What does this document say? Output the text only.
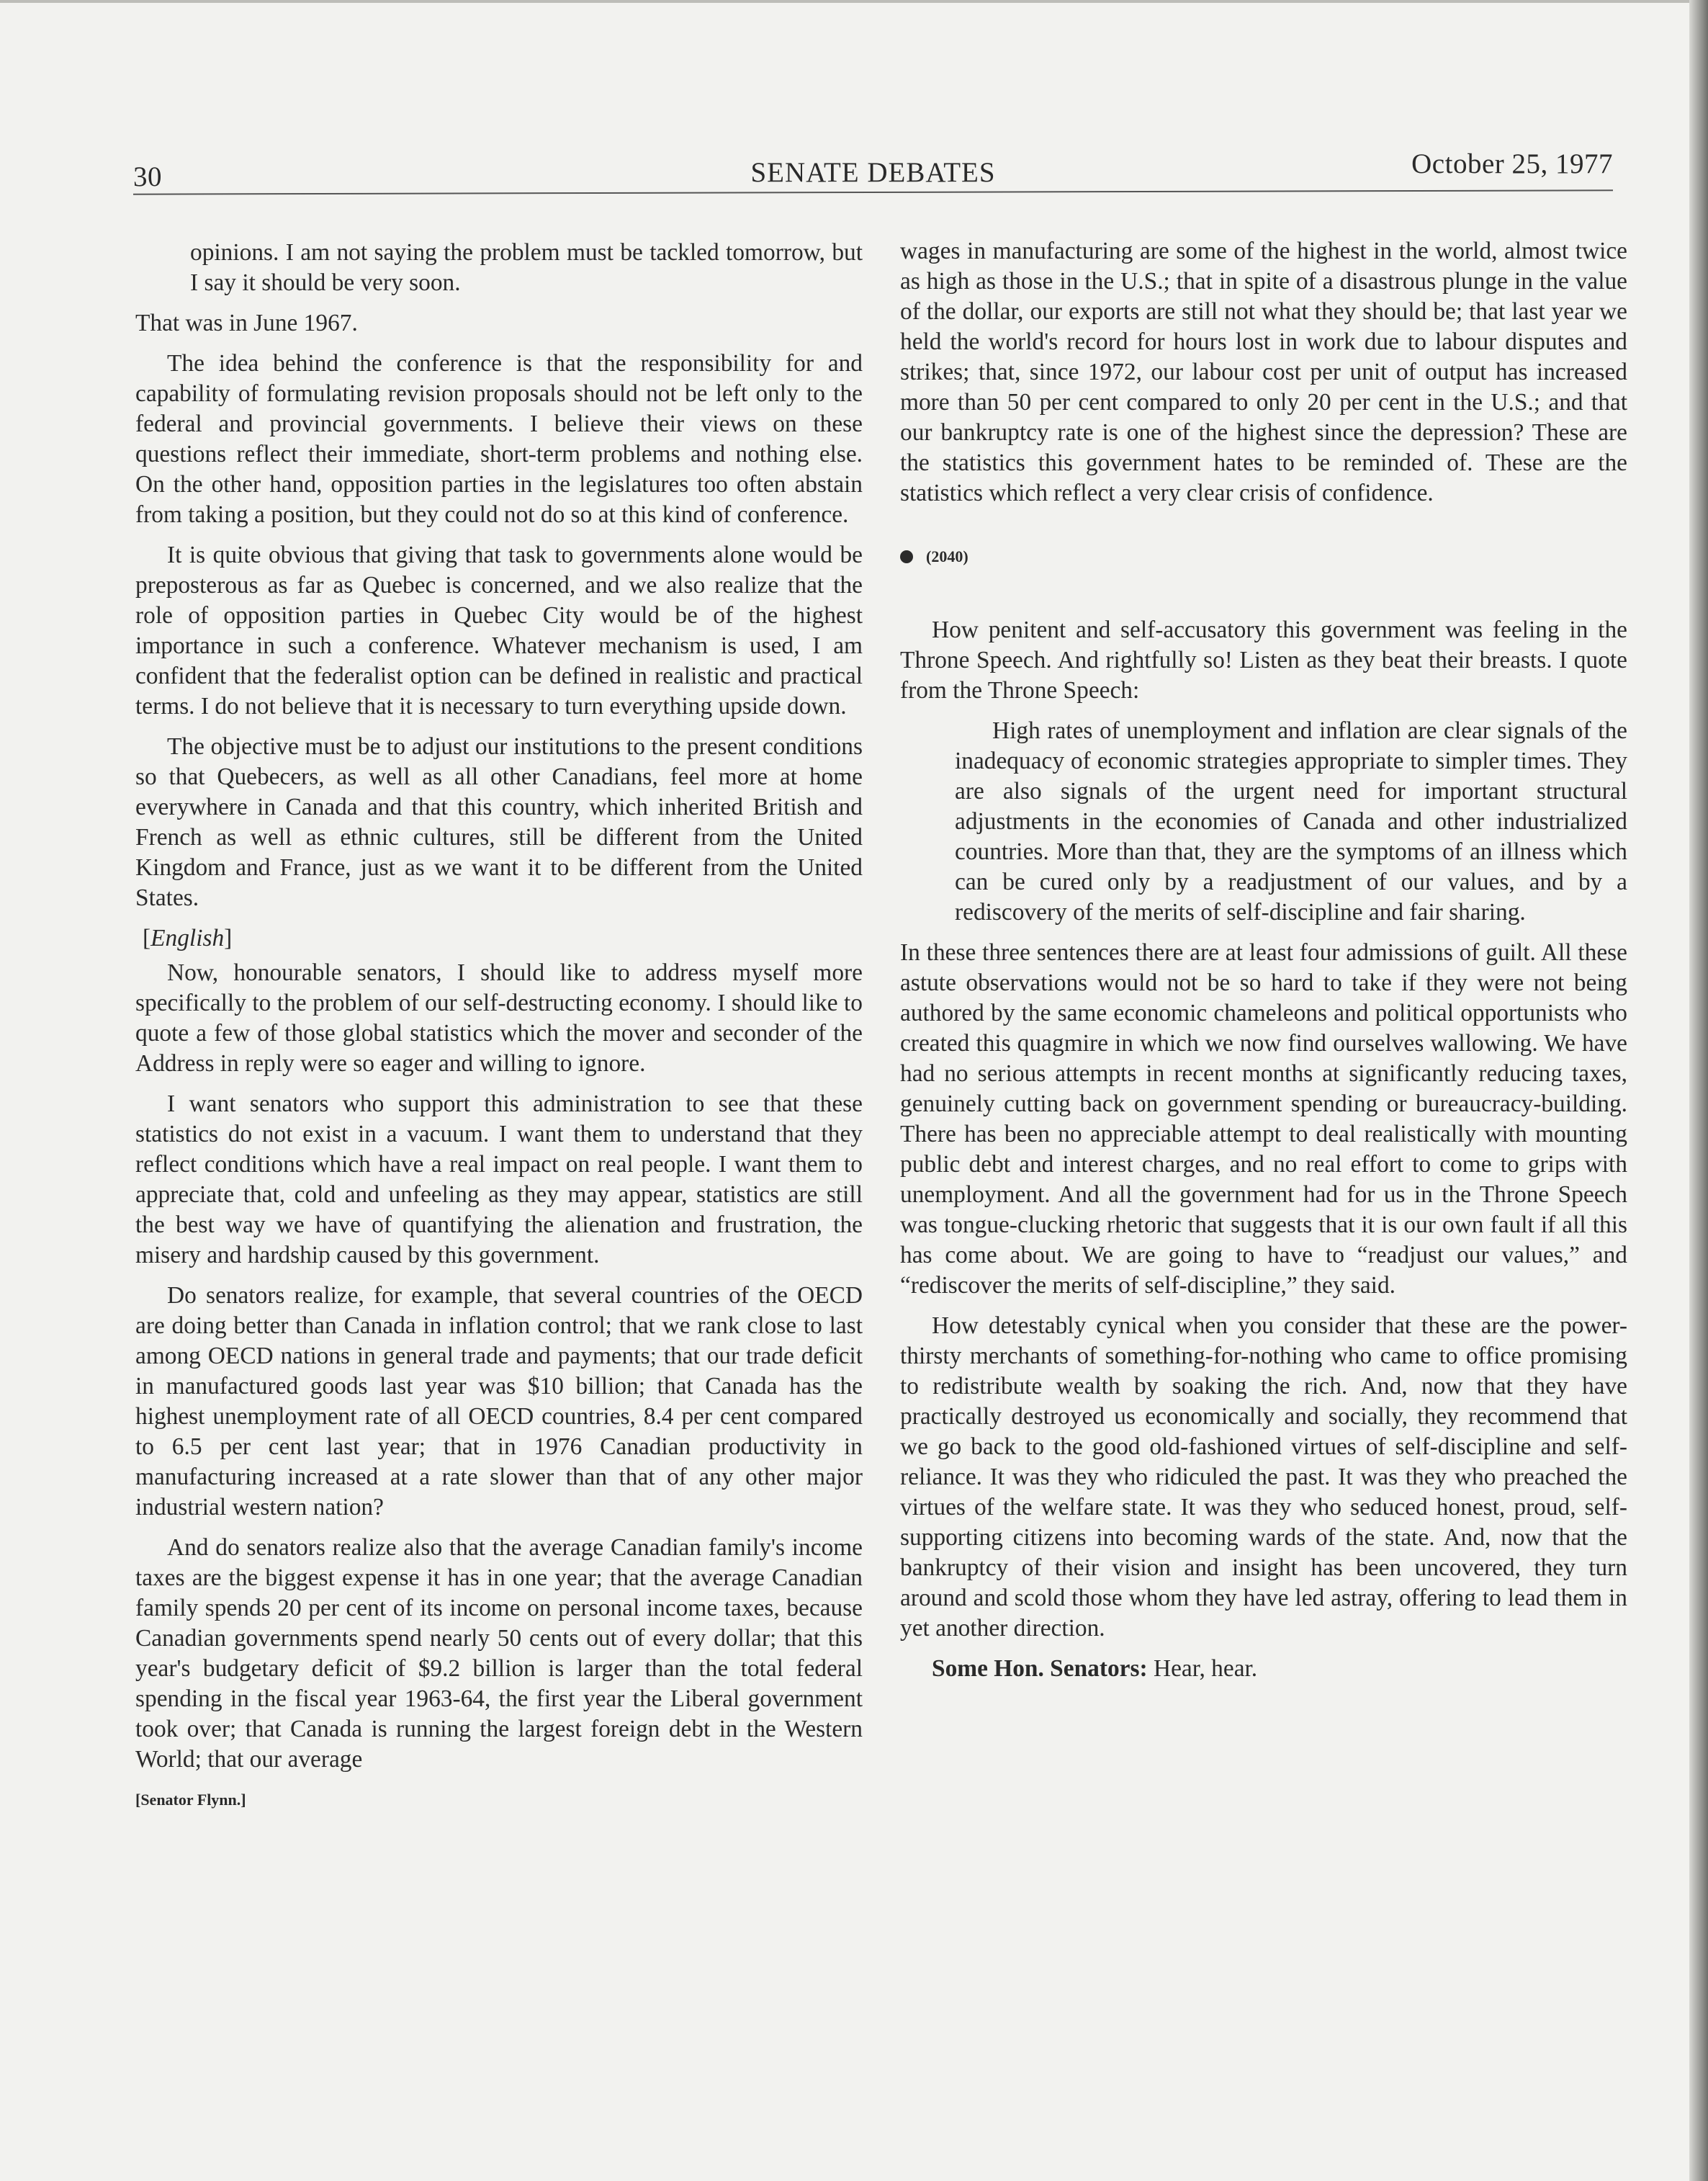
30	SENATE DEBATES	October 25, 1977

opinions. I am not saying the problem must be tackled tomorrow, but I say it should be very soon.

That was in June 1967.

The idea behind the conference is that the responsibility for and capability of formulating revision proposals should not be left only to the federal and provincial governments. I believe their views on these questions reflect their immediate, short-term problems and nothing else. On the other hand, opposition parties in the legislatures too often abstain from taking a position, but they could not do so at this kind of conference.

It is quite obvious that giving that task to governments alone would be preposterous as far as Quebec is concerned, and we also realize that the role of opposition parties in Quebec City would be of the highest importance in such a conference. Whatever mechanism is used, I am confident that the federalist option can be defined in realistic and practical terms. I do not believe that it is necessary to turn everything upside down.

The objective must be to adjust our institutions to the present conditions so that Quebecers, as well as all other Canadians, feel more at home everywhere in Canada and that this country, which inherited British and French as well as ethnic cultures, still be different from the United Kingdom and France, just as we want it to be different from the United States.

[English]

Now, honourable senators, I should like to address myself more specifically to the problem of our self-destructing economy. I should like to quote a few of those global statistics which the mover and seconder of the Address in reply were so eager and willing to ignore.

I want senators who support this administration to see that these statistics do not exist in a vacuum. I want them to understand that they reflect conditions which have a real impact on real people. I want them to appreciate that, cold and unfeeling as they may appear, statistics are still the best way we have of quantifying the alienation and frustration, the misery and hardship caused by this government.

Do senators realize, for example, that several countries of the OECD are doing better than Canada in inflation control; that we rank close to last among OECD nations in general trade and payments; that our trade deficit in manufactured goods last year was $10 billion; that Canada has the highest unemployment rate of all OECD countries, 8.4 per cent compared to 6.5 per cent last year; that in 1976 Canadian productivity in manufacturing increased at a rate slower than that of any other major industrial western nation?

And do senators realize also that the average Canadian family's income taxes are the biggest expense it has in one year; that the average Canadian family spends 20 per cent of its income on personal income taxes, because Canadian governments spend nearly 50 cents out of every dollar; that this year's budgetary deficit of $9.2 billion is larger than the total federal spending in the fiscal year 1963-64, the first year the Liberal government took over; that Canada is running the largest foreign debt in the Western World; that our average

[Senator Flynn.]

wages in manufacturing are some of the highest in the world, almost twice as high as those in the U.S.; that in spite of a disastrous plunge in the value of the dollar, our exports are still not what they should be; that last year we held the world's record for hours lost in work due to labour disputes and strikes; that, since 1972, our labour cost per unit of output has increased more than 50 per cent compared to only 20 per cent in the U.S.; and that our bankruptcy rate is one of the highest since the depression? These are the statistics this government hates to be reminded of. These are the statistics which reflect a very clear crisis of confidence.

(2040)

How penitent and self-accusatory this government was feeling in the Throne Speech. And rightfully so! Listen as they beat their breasts. I quote from the Throne Speech:

High rates of unemployment and inflation are clear signals of the inadequacy of economic strategies appropriate to simpler times. They are also signals of the urgent need for important structural adjustments in the economies of Canada and other industrialized countries. More than that, they are the symptoms of an illness which can be cured only by a readjustment of our values, and by a rediscovery of the merits of self-discipline and fair sharing.

In these three sentences there are at least four admissions of guilt. All these astute observations would not be so hard to take if they were not being authored by the same economic chameleons and political opportunists who created this quagmire in which we now find ourselves wallowing. We have had no serious attempts in recent months at significantly reducing taxes, genuinely cutting back on government spending or bureaucracy-building. There has been no appreciable attempt to deal realistically with mounting public debt and interest charges, and no real effort to come to grips with unemployment. And all the government had for us in the Throne Speech was tongue-clucking rhetoric that suggests that it is our own fault if all this has come about. We are going to have to “readjust our values,” and “rediscover the merits of self-discipline,” they said.

How detestably cynical when you consider that these are the power-thirsty merchants of something-for-nothing who came to office promising to redistribute wealth by soaking the rich. And, now that they have practically destroyed us economically and socially, they recommend that we go back to the good old-fashioned virtues of self-discipline and self-reliance. It was they who ridiculed the past. It was they who preached the virtues of the welfare state. It was they who seduced honest, proud, self-supporting citizens into becoming wards of the state. And, now that the bankruptcy of their vision and insight has been uncovered, they turn around and scold those whom they have led astray, offering to lead them in yet another direction.

Some Hon. Senators: Hear, hear.
